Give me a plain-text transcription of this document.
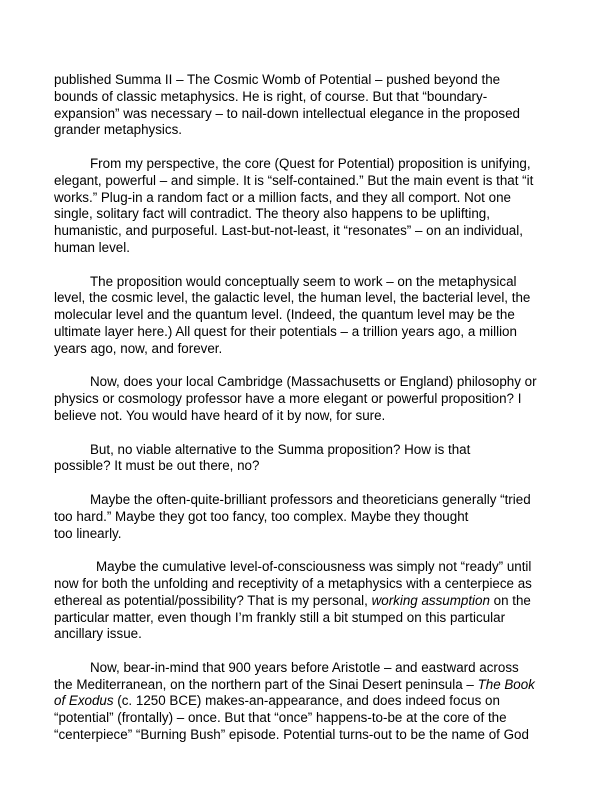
published Summa II – The Cosmic Womb of Potential – pushed beyond the
bounds of classic metaphysics. He is right, of course. But that “boundary-
expansion” was necessary – to nail-down intellectual elegance in the proposed
grander metaphysics.
From my perspective, the core (Quest for Potential) proposition is unifying,
elegant, powerful – and simple. It is “self-contained.” But the main event is that “it
works.” Plug-in a random fact or a million facts, and they all comport. Not one
single, solitary fact will contradict. The theory also happens to be uplifting,
humanistic, and purposeful. Last-but-not-least, it “resonates” – on an individual,
human level.
The proposition would conceptually seem to work – on the metaphysical
level, the cosmic level, the galactic level, the human level, the bacterial level, the
molecular level and the quantum level. (Indeed, the quantum level may be the
ultimate layer here.) All quest for their potentials – a trillion years ago, a million
years ago, now, and forever.
Now, does your local Cambridge (Massachusetts or England) philosophy or
physics or cosmology professor have a more elegant or powerful proposition? I
believe not. You would have heard of it by now, for sure.
But, no viable alternative to the Summa proposition? How is that
possible? It must be out there, no?
Maybe the often-quite-brilliant professors and theoreticians generally “tried
too hard.” Maybe they got too fancy, too complex. Maybe they thought
too linearly.
Maybe the cumulative level-of-consciousness was simply not “ready” until
now for both the unfolding and receptivity of a metaphysics with a centerpiece as
ethereal as potential/possibility? That is my personal, working assumption on the
particular matter, even though I’m frankly still a bit stumped on this particular
ancillary issue.
Now, bear-in-mind that 900 years before Aristotle – and eastward across
the Mediterranean, on the northern part of the Sinai Desert peninsula – The Book
of Exodus (c. 1250 BCE) makes-an-appearance, and does indeed focus on
“potential” (frontally) – once. But that “once” happens-to-be at the core of the
“centerpiece” “Burning Bush” episode. Potential turns-out to be the name of God
